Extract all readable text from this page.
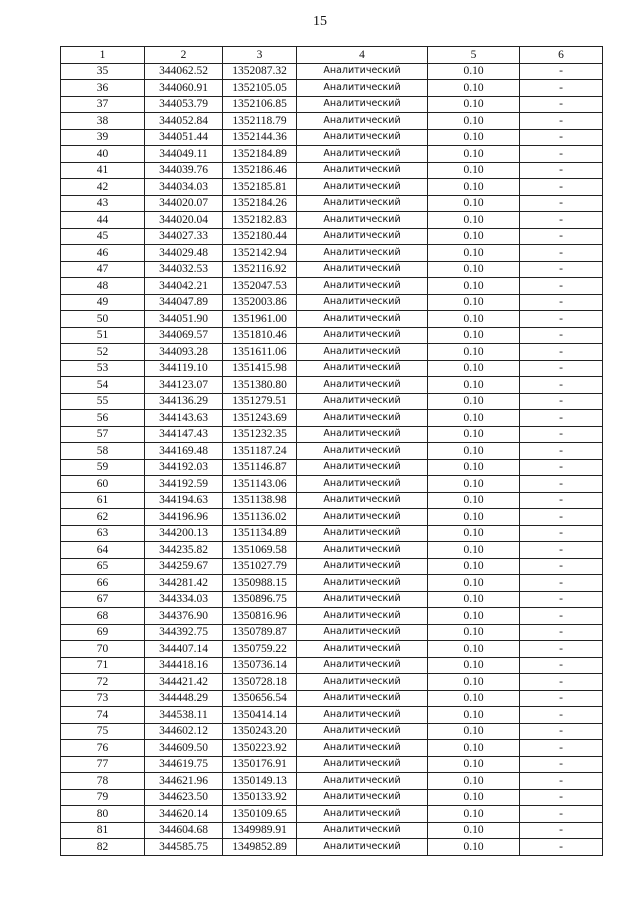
15
1	2	3	4	5	6
35	344062.52	1352087.32	Аналитический	0.10	-
36	344060.91	1352105.05	Аналитический	0.10	-
37	344053.79	1352106.85	Аналитический	0.10	-
38	344052.84	1352118.79	Аналитический	0.10	-
39	344051.44	1352144.36	Аналитический	0.10	-
40	344049.11	1352184.89	Аналитический	0.10	-
41	344039.76	1352186.46	Аналитический	0.10	-
42	344034.03	1352185.81	Аналитический	0.10	-
43	344020.07	1352184.26	Аналитический	0.10	-
44	344020.04	1352182.83	Аналитический	0.10	-
45	344027.33	1352180.44	Аналитический	0.10	-
46	344029.48	1352142.94	Аналитический	0.10	-
47	344032.53	1352116.92	Аналитический	0.10	-
48	344042.21	1352047.53	Аналитический	0.10	-
49	344047.89	1352003.86	Аналитический	0.10	-
50	344051.90	1351961.00	Аналитический	0.10	-
51	344069.57	1351810.46	Аналитический	0.10	-
52	344093.28	1351611.06	Аналитический	0.10	-
53	344119.10	1351415.98	Аналитический	0.10	-
54	344123.07	1351380.80	Аналитический	0.10	-
55	344136.29	1351279.51	Аналитический	0.10	-
56	344143.63	1351243.69	Аналитический	0.10	-
57	344147.43	1351232.35	Аналитический	0.10	-
58	344169.48	1351187.24	Аналитический	0.10	-
59	344192.03	1351146.87	Аналитический	0.10	-
60	344192.59	1351143.06	Аналитический	0.10	-
61	344194.63	1351138.98	Аналитический	0.10	-
62	344196.96	1351136.02	Аналитический	0.10	-
63	344200.13	1351134.89	Аналитический	0.10	-
64	344235.82	1351069.58	Аналитический	0.10	-
65	344259.67	1351027.79	Аналитический	0.10	-
66	344281.42	1350988.15	Аналитический	0.10	-
67	344334.03	1350896.75	Аналитический	0.10	-
68	344376.90	1350816.96	Аналитический	0.10	-
69	344392.75	1350789.87	Аналитический	0.10	-
70	344407.14	1350759.22	Аналитический	0.10	-
71	344418.16	1350736.14	Аналитический	0.10	-
72	344421.42	1350728.18	Аналитический	0.10	-
73	344448.29	1350656.54	Аналитический	0.10	-
74	344538.11	1350414.14	Аналитический	0.10	-
75	344602.12	1350243.20	Аналитический	0.10	-
76	344609.50	1350223.92	Аналитический	0.10	-
77	344619.75	1350176.91	Аналитический	0.10	-
78	344621.96	1350149.13	Аналитический	0.10	-
79	344623.50	1350133.92	Аналитический	0.10	-
80	344620.14	1350109.65	Аналитический	0.10	-
81	344604.68	1349989.91	Аналитический	0.10	-
82	344585.75	1349852.89	Аналитический	0.10	-
